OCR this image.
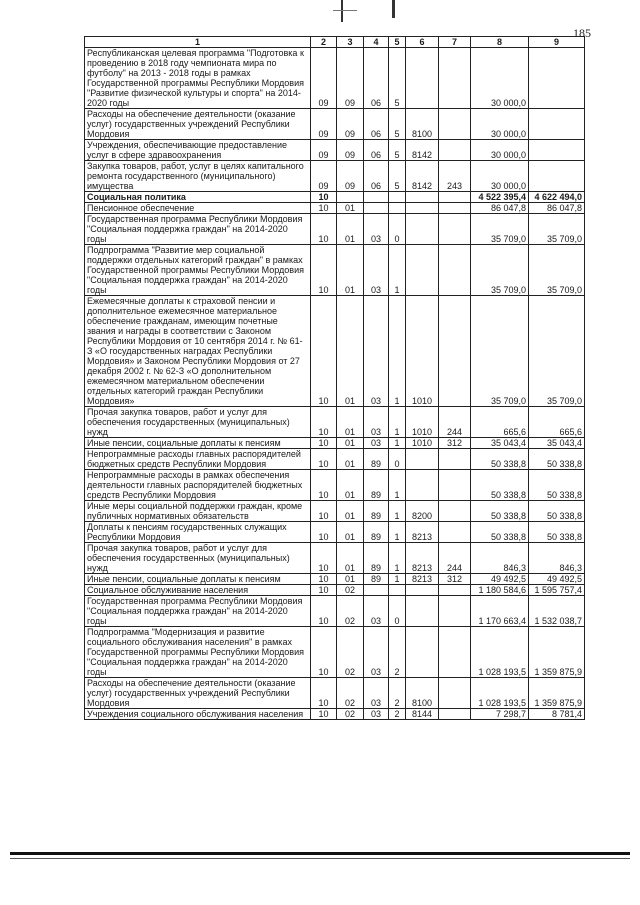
185
1	2	3	4	5	6	7	8	9
Республиканская целевая программа "Подготовка к проведению в 2018 году чемпионата мира по футболу" на 2013 - 2018 годы в рамках Государственной программы Республики Мордовия "Развитие физической культуры и спорта" на 2014-2020 годы	09	09	06	5			30 000,0	
Расходы на обеспечение деятельности (оказание услуг) государственных учреждений Республики Мордовия	09	09	06	5	8100		30 000,0	
Учреждения, обеспечивающие предоставление услуг в сфере здравоохранения	09	09	06	5	8142		30 000,0	
Закупка товаров, работ, услуг в целях капитального ремонта государственного (муниципального) имущества	09	09	06	5	8142	243	30 000,0	
Социальная политика	10						4 522 395,4	4 622 494,0
Пенсионное обеспечение	10	01					86 047,8	86 047,8
Государственная программа Республики Мордовия "Социальная поддержка граждан" на 2014-2020 годы	10	01	03	0			35 709,0	35 709,0
Подпрограмма "Развитие мер социальной поддержки отдельных категорий граждан" в рамках Государственной программы Республики Мордовия "Социальная поддержка граждан" на 2014-2020 годы	10	01	03	1			35 709,0	35 709,0
Ежемесячные доплаты к страховой пенсии и дополнительное ежемесячное материальное обеспечение гражданам, имеющим почетные звания и награды в соответствии с Законом Республики Мордовия от 10 сентября 2014 г. № 61-З «О государственных наградах Республики Мордовия» и Законом Республики Мордовия от 27 декабря 2002 г. № 62-З «О дополнительном ежемесячном материальном обеспечении отдельных категорий граждан Республики Мордовия»	10	01	03	1	1010		35 709,0	35 709,0
Прочая закупка товаров, работ и услуг для обеспечения государственных (муниципальных) нужд	10	01	03	1	1010	244	665,6	665,6
Иные пенсии, социальные доплаты к пенсиям	10	01	03	1	1010	312	35 043,4	35 043,4
Непрограммные расходы главных распорядителей бюджетных средств Республики Мордовия	10	01	89	0			50 338,8	50 338,8
Непрограммные расходы в рамках обеспечения деятельности главных распорядителей бюджетных средств Республики Мордовия	10	01	89	1			50 338,8	50 338,8
Иные меры социальной поддержки граждан, кроме публичных нормативных обязательств	10	01	89	1	8200		50 338,8	50 338,8
Доплаты к пенсиям государственных служащих Республики Мордовия	10	01	89	1	8213		50 338,8	50 338,8
Прочая закупка товаров, работ и услуг для обеспечения государственных (муниципальных) нужд	10	01	89	1	8213	244	846,3	846,3
Иные пенсии, социальные доплаты к пенсиям	10	01	89	1	8213	312	49 492,5	49 492,5
Социальное обслуживание населения	10	02					1 180 584,6	1 595 757,4
Государственная программа Республики Мордовия "Социальная поддержка граждан" на 2014-2020 годы	10	02	03	0			1 170 663,4	1 532 038,7
Подпрограмма "Модернизация и развитие социального обслуживания населения" в рамках Государственной программы Республики Мордовия "Социальная поддержка граждан" на 2014-2020 годы	10	02	03	2			1 028 193,5	1 359 875,9
Расходы на обеспечение деятельности (оказание услуг) государственных учреждений Республики Мордовия	10	02	03	2	8100		1 028 193,5	1 359 875,9
Учреждения социального обслуживания населения	10	02	03	2	8144		7 298,7	8 781,4
